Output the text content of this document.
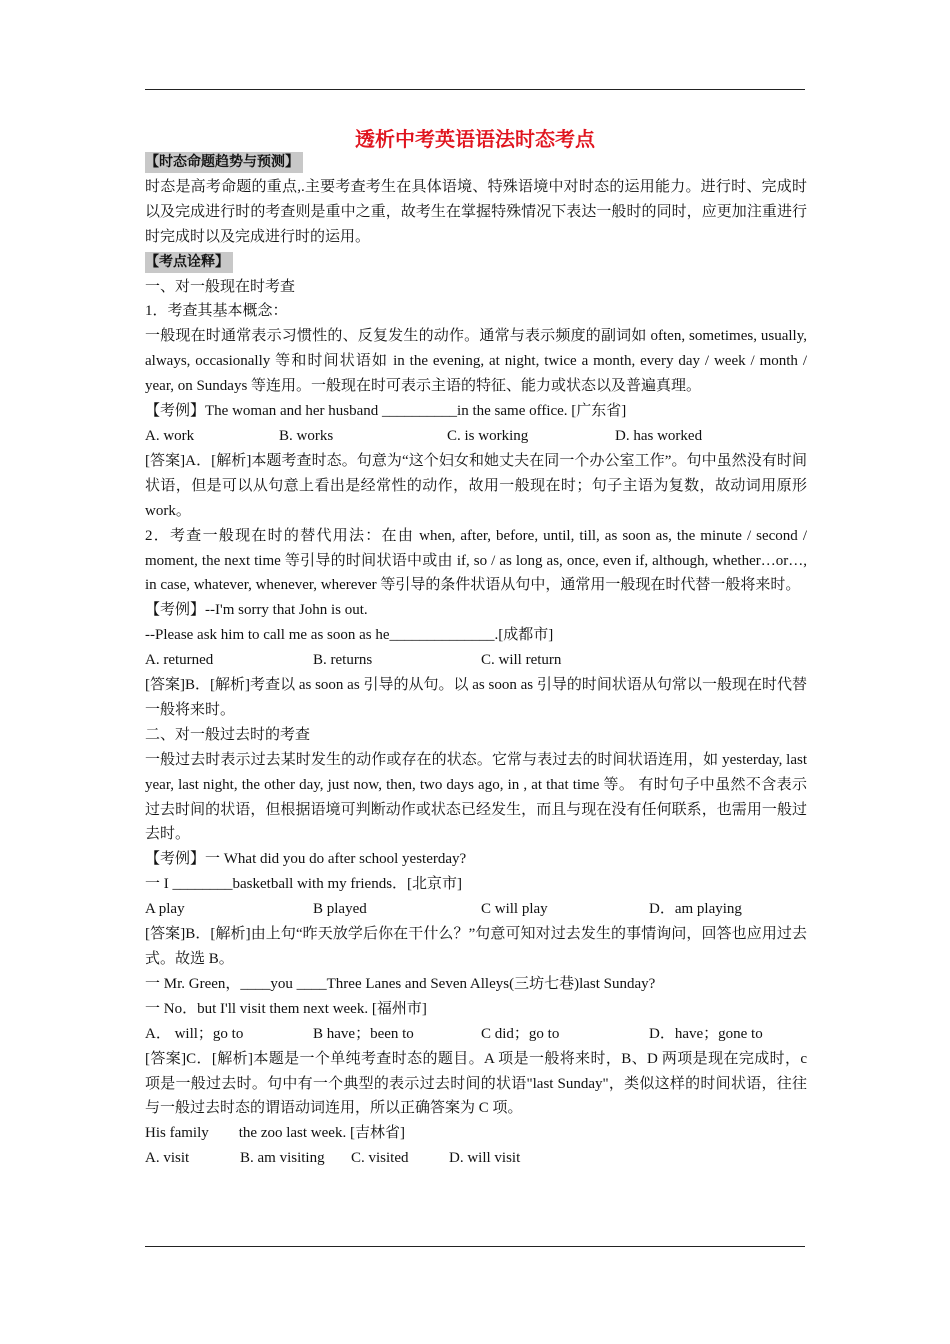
透析中考英语语法时态考点

【时态命题趋势与预测】

时态是高考命题的重点,.主要考查考生在具体语境、特殊语境中对时态的运用能力。进行时、完成时以及完成进行时的考查则是重中之重，故考生在掌握特殊情况下表达一般时的同时，应更加注重进行时完成时以及完成进行时的运用。

【考点诠释】

一、对一般现在时考查

1．考查其基本概念：

一般现在时通常表示习惯性的、反复发生的动作。通常与表示频度的副词如 often, sometimes, usually, always, occasionally 等和时间状语如 in the evening, at night, twice a month, every day / week / month / year, on Sundays 等连用。一般现在时可表示主语的特征、能力或状态以及普遍真理。

【考例】The woman and her husband __________in the same office. [广东省]

A. work	B. works	C. is working	D. has worked

[答案]A．[解析]本题考查时态。句意为“这个妇女和她丈夫在同一个办公室工作”。句中虽然没有时间状语，但是可以从句意上看出是经常性的动作，故用一般现在时；句子主语为复数，故动词用原形 work。

2．考查一般现在时的替代用法：在由 when, after, before, until, till, as soon as, the minute / second / moment, the next time 等引导的时间状语中或由 if, so / as long as, once, even if, although, whether…or…, in case, whatever, whenever, wherever 等引导的条件状语从句中，通常用一般现在时代替一般将来时。

【考例】--I'm sorry that John is out.

--Please ask him to call me as soon as he______________.[成都市]

A. returned	B. returns	C. will return

[答案]B．[解析]考查以 as soon as 引导的从句。以 as soon as 引导的时间状语从句常以一般现在时代替一般将来时。

二、对一般过去时的考查

一般过去时表示过去某时发生的动作或存在的状态。它常与表过去的时间状语连用，如 yesterday, last year, last night, the other day, just now, then, two days ago, in , at that time 等。 有时句子中虽然不含表示过去时间的状语，但根据语境可判断动作或状态已经发生，而且与现在没有任何联系，也需用一般过去时。

【考例】一 What did you do after school yesterday?

一 I ________basketball with my friends．[北京市]

A play	B played	C will play	D．am playing

[答案]B．[解析]由上句“昨天放学后你在干什么？”句意可知对过去发生的事情询问，回答也应用过去式。故选 B。

一 Mr. Green，____you ____Three Lanes and Seven Alleys(三坊七巷)last Sunday?

一 No．but I'll visit them next week. [福州市]

A． will；go to	B have；been to	C did；go to	D．have；gone to

[答案]C．[解析]本题是一个单纯考查时态的题目。A 项是一般将来时，B、D 两项是现在完成时，c 项是一般过去时。句中有一个典型的表示过去时间的状语"last Sunday"，类似这样的时间状语，往往与一般过去时态的谓语动词连用，所以正确答案为 C 项。

His family        the zoo last week. [吉林省]

A. visit	B. am visiting	C. visited	D. will visit
